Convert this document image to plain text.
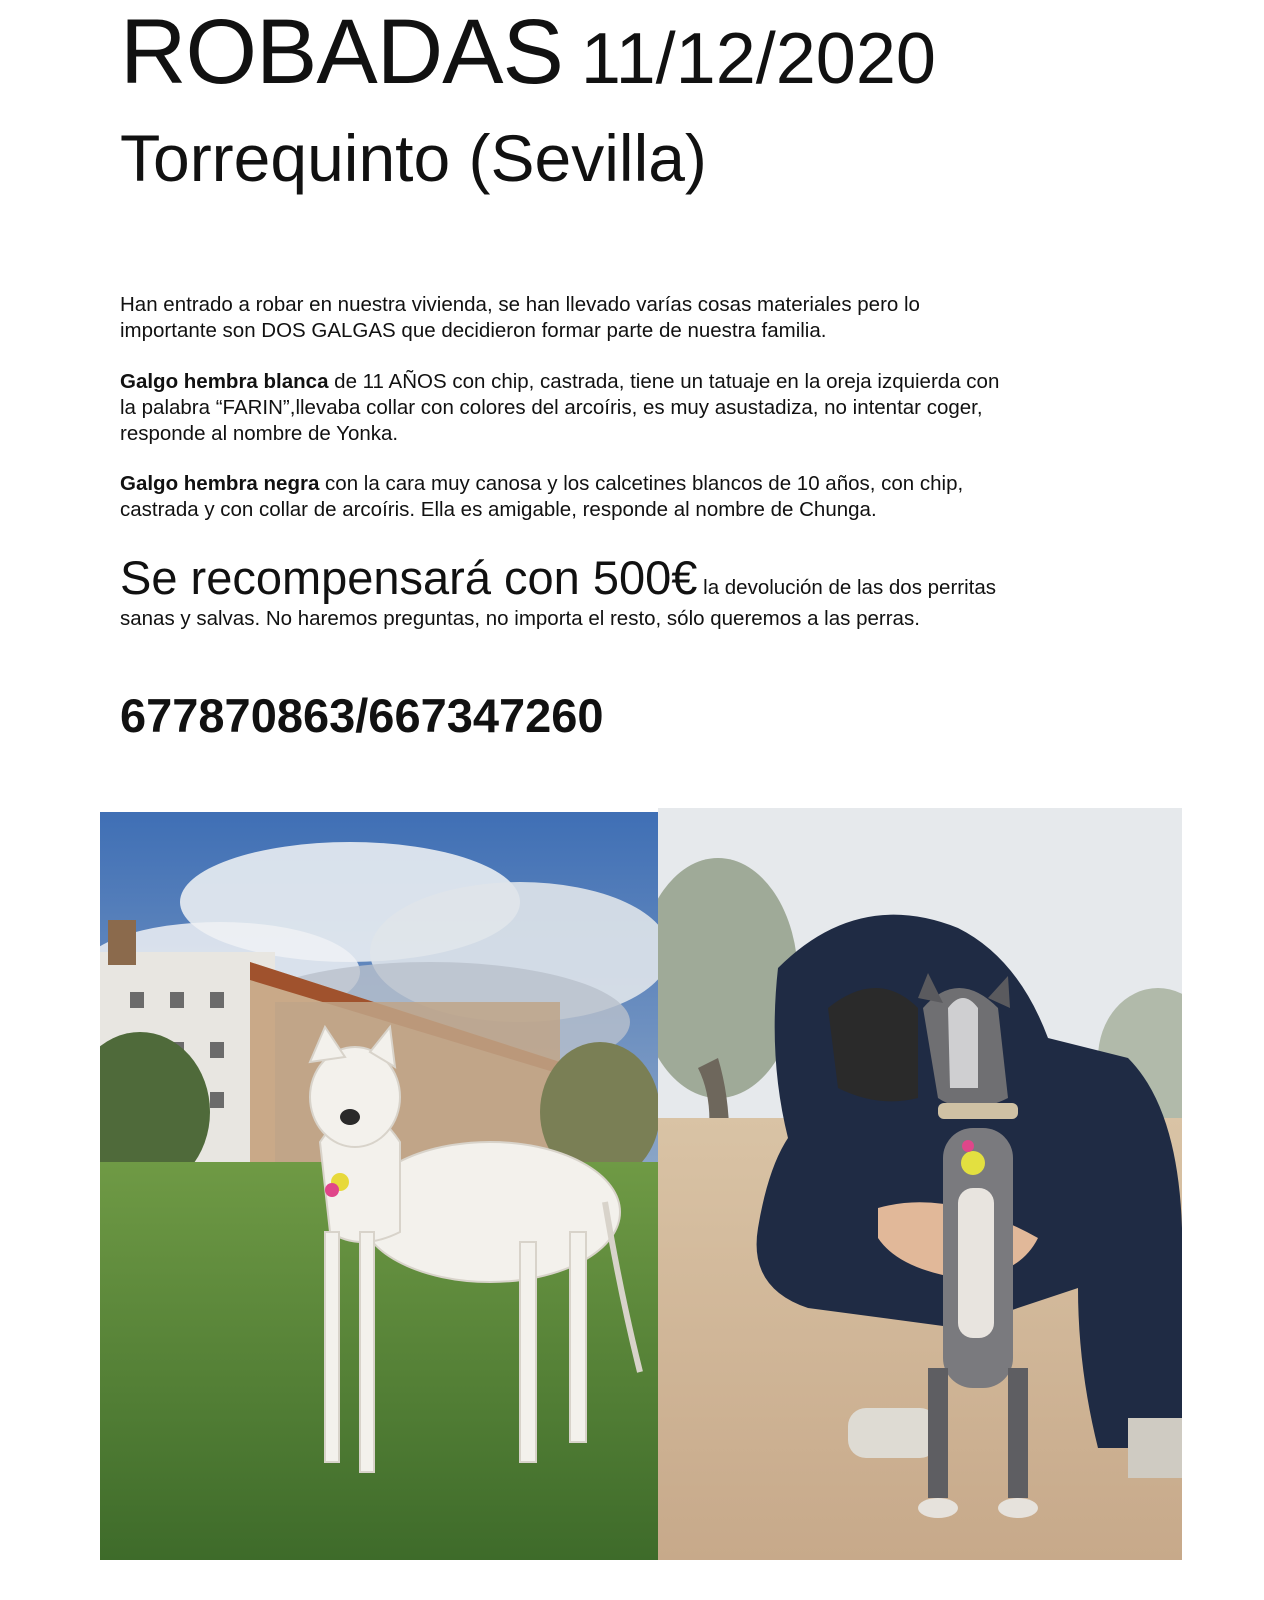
ROBADAS 11/12/2020
Torrequinto (Sevilla)

Han entrado a robar en nuestra vivienda, se han llevado varías cosas materiales pero lo
importante son DOS GALGAS que decidieron formar parte de nuestra familia.

Galgo hembra blanca de 11 AÑOS con chip, castrada, tiene un tatuaje en la oreja izquierda con
la palabra “FARIN”,llevaba collar con colores del arcoíris, es muy asustadiza, no intentar coger,
responde al nombre de Yonka.

Galgo hembra negra con la cara muy canosa y los calcetines blancos de 10 años, con chip,
castrada y con collar de arcoíris. Ella es amigable, responde al nombre de Chunga.

Se recompensará con 500€ la devolución de las dos perritas
sanas y salvas. No haremos preguntas, no importa el resto, sólo queremos a las perras.

677870863/667347260
